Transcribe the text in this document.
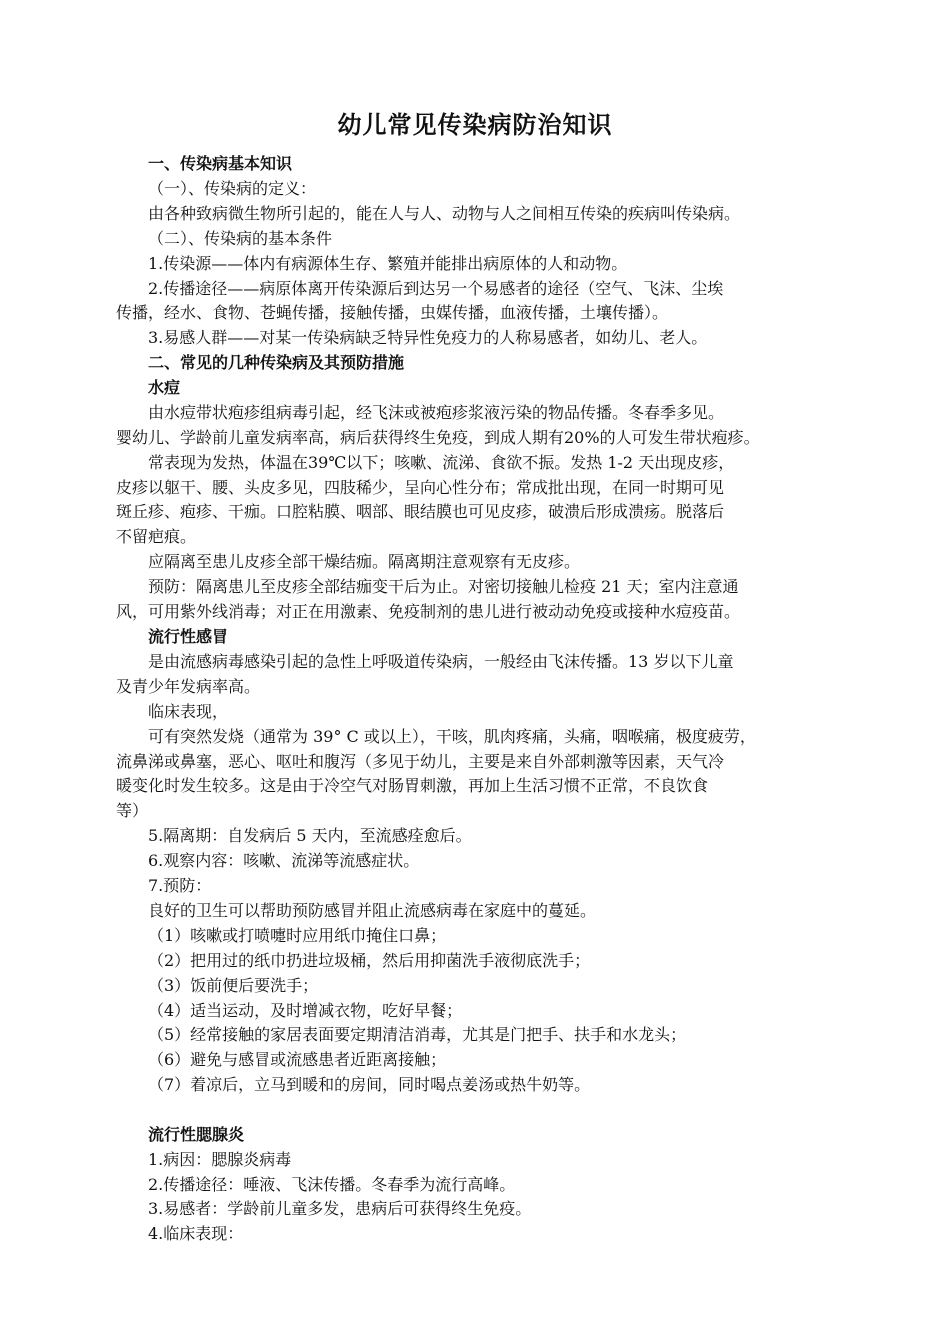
幼儿常见传染病防治知识
一、传染病基本知识
（一）、传染病的定义：
由各种致病微生物所引起的，能在人与人、动物与人之间相互传染的疾病叫传染病。
（二）、传染病的基本条件
1.传染源——体内有病源体生存、繁殖并能排出病原体的人和动物。
2.传播途径——病原体离开传染源后到达另一个易感者的途径（空气、飞沫、尘埃
传播，经水、食物、苍蝇传播，接触传播，虫媒传播，血液传播，土壤传播）。
3.易感人群——对某一传染病缺乏特异性免疫力的人称易感者，如幼儿、老人。
二、常见的几种传染病及其预防措施
水痘
由水痘带状疱疹组病毒引起，经飞沫或被疱疹浆液污染的物品传播。冬春季多见。
婴幼儿、学龄前儿童发病率高，病后获得终生免疫，到成人期有20%的人可发生带状疱疹。
常表现为发热，体温在39℃以下；咳嗽、流涕、食欲不振。发热 1-2 天出现皮疹，
皮疹以躯干、腰、头皮多见，四肢稀少，呈向心性分布；常成批出现，在同一时期可见
斑丘疹、疱疹、干痂。口腔粘膜、咽部、眼结膜也可见皮疹，破溃后形成溃疡。脱落后
不留疤痕。
应隔离至患儿皮疹全部干燥结痂。隔离期注意观察有无皮疹。
预防：隔离患儿至皮疹全部结痂变干后为止。对密切接触儿检疫 21 天；室内注意通
风，可用紫外线消毒；对正在用激素、免疫制剂的患儿进行被动动免疫或接种水痘疫苗。
流行性感冒
是由流感病毒感染引起的急性上呼吸道传染病，一般经由飞沫传播。13 岁以下儿童
及青少年发病率高。
临床表现，
可有突然发烧（通常为 39° C 或以上），干咳，肌肉疼痛，头痛，咽喉痛，极度疲劳，
流鼻涕或鼻塞，恶心、呕吐和腹泻（多见于幼儿，主要是来自外部刺激等因素，天气冷
暖变化时发生较多。这是由于冷空气对肠胃刺激，再加上生活习惯不正常，不良饮食
等）
5.隔离期：自发病后 5 天内，至流感痊愈后。
6.观察内容：咳嗽、流涕等流感症状。
7.预防：
良好的卫生可以帮助预防感冒并阻止流感病毒在家庭中的蔓延。
（1）咳嗽或打喷嚏时应用纸巾掩住口鼻；
（2）把用过的纸巾扔进垃圾桶，然后用抑菌洗手液彻底洗手；
（3）饭前便后要洗手；
（4）适当运动，及时增减衣物，吃好早餐；
（5）经常接触的家居表面要定期清洁消毒，尤其是门把手、扶手和水龙头；
（6）避免与感冒或流感患者近距离接触；
（7）着凉后，立马到暖和的房间，同时喝点姜汤或热牛奶等。
流行性腮腺炎
1.病因：腮腺炎病毒
2.传播途径：唾液、飞沫传播。冬春季为流行高峰。
3.易感者：学龄前儿童多发，患病后可获得终生免疫。
4.临床表现：
